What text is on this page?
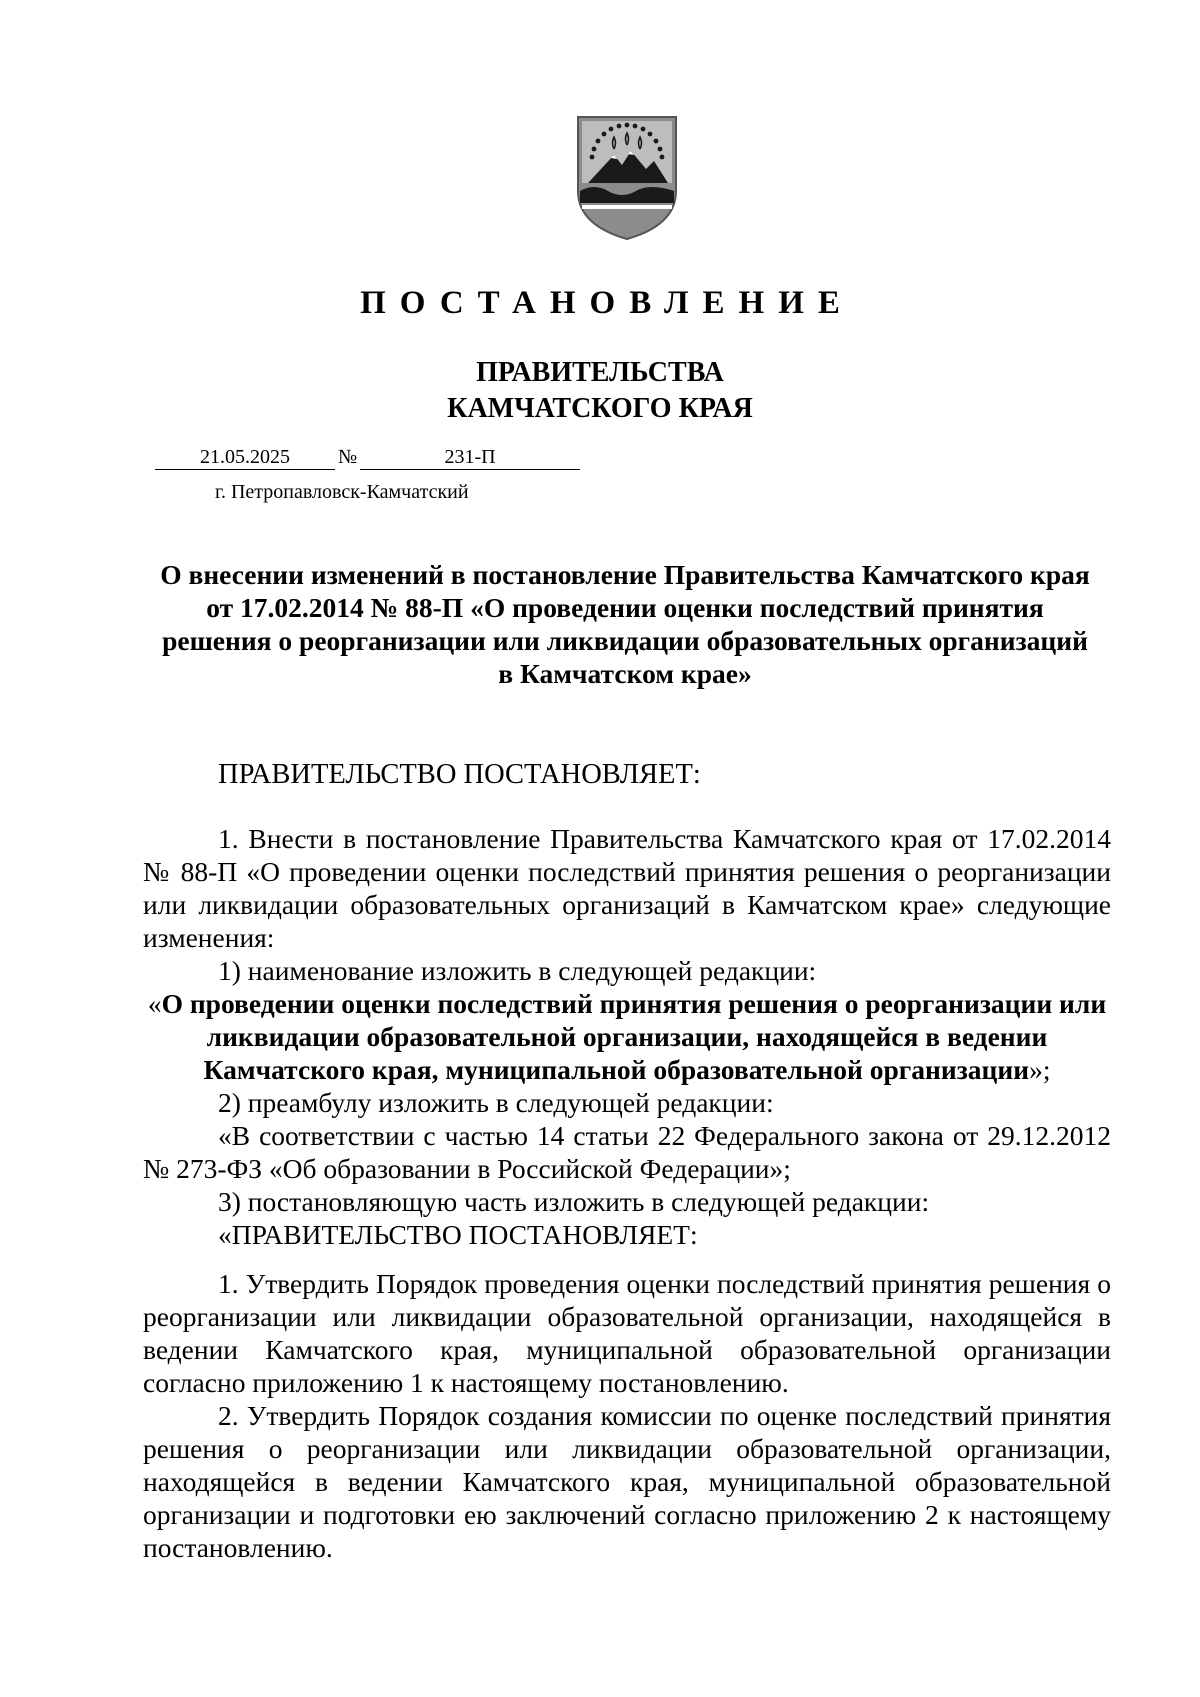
ПОСТАНОВЛЕНИЕ
ПРАВИТЕЛЬСТВА
КАМЧАТСКОГО КРАЯ
21.05.2025	№	231-П
г. Петропавловск-Камчатский
О внесении изменений в постановление Правительства Камчатского края
от 17.02.2014 № 88-П «О проведении оценки последствий принятия
решения о реорганизации или ликвидации образовательных организаций
в Камчатском крае»
ПРАВИТЕЛЬСТВО ПОСТАНОВЛЯЕТ:

1. Внести в постановление Правительства Камчатского края от 17.02.2014 № 88-П «О проведении оценки последствий принятия решения о реорганизации или ликвидации образовательных организаций в Камчатском крае» следующие изменения:

1) наименование изложить в следующей редакции:

«О проведении оценки последствий принятия решения о реорганизации или ликвидации образовательной организации, находящейся в ведении Камчатского края, муниципальной образовательной организации»;

2) преамбулу изложить в следующей редакции:

«В соответствии с частью 14 статьи 22 Федерального закона от 29.12.2012 № 273-ФЗ «Об образовании в Российской Федерации»;

3) постановляющую часть изложить в следующей редакции:

«ПРАВИТЕЛЬСТВО ПОСТАНОВЛЯЕТ:

1. Утвердить Порядок проведения оценки последствий принятия решения о реорганизации или ликвидации образовательной организации, находящейся в ведении Камчатского края, муниципальной образовательной организации согласно приложению 1 к настоящему постановлению.

2. Утвердить Порядок создания комиссии по оценке последствий принятия решения о реорганизации или ликвидации образовательной организации, находящейся в ведении Камчатского края, муниципальной образовательной организации и подготовки ею заключений согласно приложению 2 к настоящему постановлению.
